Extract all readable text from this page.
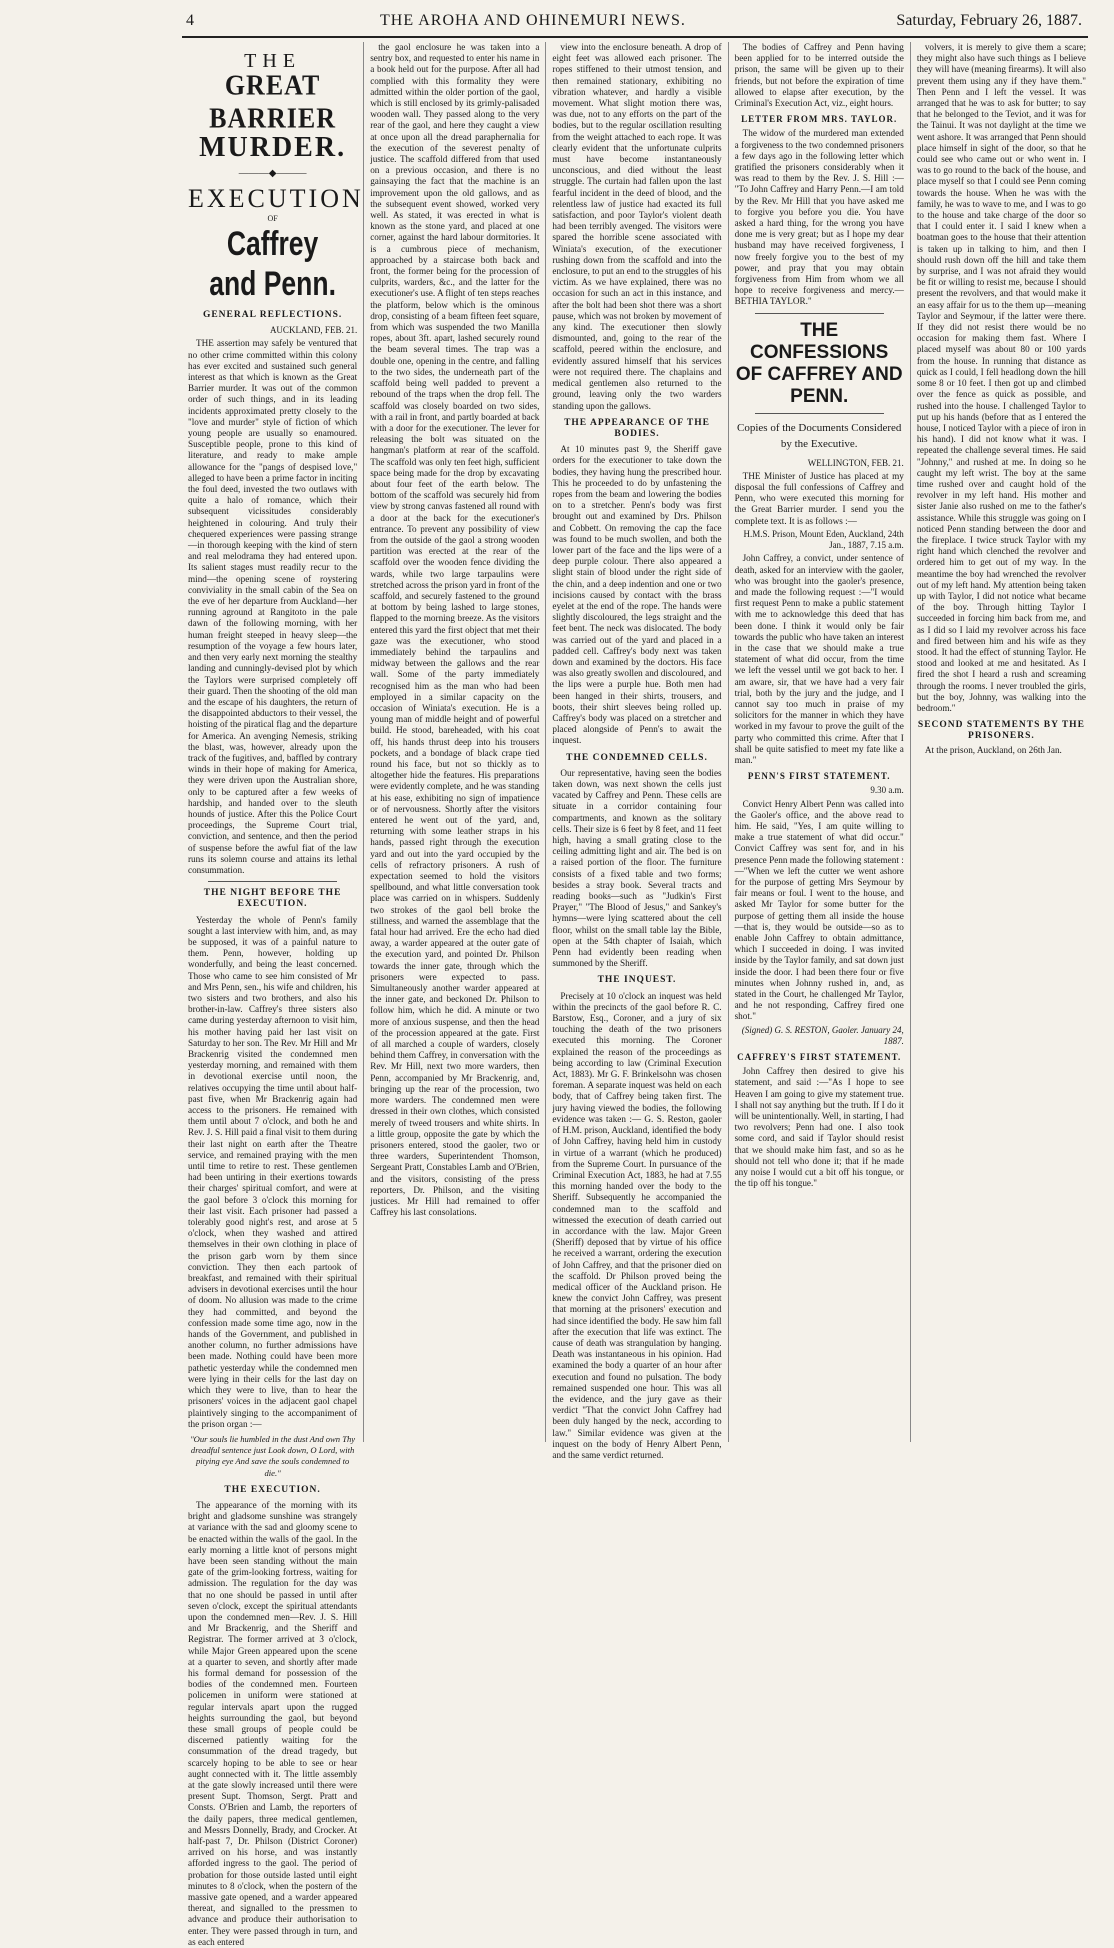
4	THE AROHA AND OHINEMURI NEWS.	Saturday, February 26, 1887.
THE
GREAT BARRIER
MURDER.
———◆———
EXECUTION
OF
Caffrey and Penn.
GENERAL REFLECTIONS.
AUCKLAND, FEB. 21.

THE assertion may safely be ventured that no other crime committed within this colony has ever excited and sustained such general interest as that which is known as the Great Barrier murder. It was out of the common order of such things, and in its leading incidents approximated pretty closely to the "love and murder" style of fiction of which young people are usually so enamoured. Susceptible people, prone to this kind of literature, and ready to make ample allowance for the "pangs of despised love," alleged to have been a prime factor in inciting the foul deed, invested the two outlaws with quite a halo of romance, which their subsequent vicissitudes considerably heightened in colouring. And truly their chequered experiences were passing strange—in thorough keeping with the kind of stern and real melodrama they had entered upon. Its salient stages must readily recur to the mind—the opening scene of roystering conviviality in the small cabin of the Sea on the eve of her departure from Auckland—her running aground at Rangitoto in the pale dawn of the following morning, with her human freight steeped in heavy sleep—the resumption of the voyage a few hours later, and then very early next morning the stealthy landing and cunningly-devised plot by which the Taylors were surprised completely off their guard. Then the shooting of the old man and the escape of his daughters, the return of the disappointed abductors to their vessel, the hoisting of the piratical flag and the departure for America. An avenging Nemesis, striking the blast, was, however, already upon the track of the fugitives, and, baffled by contrary winds in their hope of making for America, they were driven upon the Australian shore, only to be captured after a few weeks of hardship, and handed over to the sleuth hounds of justice. After this the Police Court proceedings, the Supreme Court trial, conviction, and sentence, and then the period of suspense before the awful fiat of the law runs its solemn course and attains its lethal consummation.

THE NIGHT BEFORE THE EXECUTION.

Yesterday the whole of Penn's family sought a last interview with him, and, as may be supposed, it was of a painful nature to them. Penn, however, holding up wonderfully, and being the least concerned. Those who came to see him consisted of Mr and Mrs Penn, sen., his wife and children, his two sisters and two brothers, and also his brother-in-law. Caffrey's three sisters also came during yesterday afternoon to visit him, his mother having paid her last visit on Saturday to her son. The Rev. Mr Hill and Mr Brackenrig visited the condemned men yesterday morning, and remained with them in devotional exercise until noon, the relatives occupying the time until about half-past five, when Mr Brackenrig again had access to the prisoners. He remained with them until about 7 o'clock, and both he and Rev. J. S. Hill paid a final visit to them during their last night on earth after the Theatre service, and remained praying with the men until time to retire to rest. These gentlemen had been untiring in their exertions towards their charges' spiritual comfort, and were at the gaol before 3 o'clock this morning for their last visit. Each prisoner had passed a tolerably good night's rest, and arose at 5 o'clock, when they washed and attired themselves in their own clothing in place of the prison garb worn by them since conviction. They then each partook of breakfast, and remained with their spiritual advisers in devotional exercises until the hour of doom. No allusion was made to the crime they had committed, and beyond the confession made some time ago, now in the hands of the Government, and published in another column, no further admissions have been made. Nothing could have been more pathetic yesterday while the condemned men were lying in their cells for the last day on which they were to live, than to hear the prisoners' voices in the adjacent gaol chapel plaintively singing to the accompaniment of the prison organ :—

"Our souls lie humbled in the dust And own Thy dreadful sentence just Look down, O Lord, with pitying eye And save the souls condemned to die."
THE EXECUTION.

The appearance of the morning with its bright and gladsome sunshine was strangely at variance with the sad and gloomy scene to be enacted within the walls of the gaol. In the early morning a little knot of persons might have been seen standing without the main gate of the grim-looking fortress, waiting for admission. The regulation for the day was that no one should be passed in until after seven o'clock, except the spiritual attendants upon the condemned men—Rev. J. S. Hill and Mr Brackenrig, and the Sheriff and Registrar. The former arrived at 3 o'clock, while Major Green appeared upon the scene at a quarter to seven, and shortly after made his formal demand for possession of the bodies of the condemned men. Fourteen policemen in uniform were stationed at regular intervals apart upon the rugged heights surrounding the gaol, but beyond these small groups of people could be discerned patiently waiting for the consummation of the dread tragedy, but scarcely hoping to be able to see or hear aught connected with it. The little assembly at the gate slowly increased until there were present Supt. Thomson, Sergt. Pratt and Consts. O'Brien and Lamb, the reporters of the daily papers, three medical gentlemen, and Messrs Donnelly, Brady, and Crocker. At half-past 7, Dr. Philson (District Coroner) arrived on his horse, and was instantly afforded ingress to the gaol. The period of probation for those outside lasted until eight minutes to 8 o'clock, when the postern of the massive gate opened, and a warder appeared thereat, and signalled to the pressmen to advance and produce their authorisation to enter. They were passed through in turn, and as each entered

the gaol enclosure he was taken into a sentry box, and requested to enter his name in a book held out for the purpose. After all had complied with this formality they were admitted within the older portion of the gaol, which is still enclosed by its grimly-palisaded wooden wall. They passed along to the very rear of the gaol, and here they caught a view at once upon all the dread paraphernalia for the execution of the severest penalty of justice. The scaffold differed from that used on a previous occasion, and there is no gainsaying the fact that the machine is an improvement upon the old gallows, and as the subsequent event showed, worked very well. As stated, it was erected in what is known as the stone yard, and placed at one corner, against the hard labour dormitories. It is a cumbrous piece of mechanism, approached by a staircase both back and front, the former being for the procession of culprits, warders, &c., and the latter for the executioner's use. A flight of ten steps reaches the platform, below which is the ominous drop, consisting of a beam fifteen feet square, from which was suspended the two Manilla ropes, about 3ft. apart, lashed securely round the beam several times. The trap was a double one, opening in the centre, and falling to the two sides, the underneath part of the scaffold being well padded to prevent a rebound of the traps when the drop fell. The scaffold was closely boarded on two sides, with a rail in front, and partly boarded at back with a door for the executioner. The lever for releasing the bolt was situated on the hangman's platform at rear of the scaffold. The scaffold was only ten feet high, sufficient space being made for the drop by excavating about four feet of the earth below. The bottom of the scaffold was securely hid from view by strong canvas fastened all round with a door at the back for the executioner's entrance. To prevent any possibility of view from the outside of the gaol a strong wooden partition was erected at the rear of the scaffold over the wooden fence dividing the wards, while two large tarpaulins were stretched across the prison yard in front of the scaffold, and securely fastened to the ground at bottom by being lashed to large stones, flapped to the morning breeze. As the visitors entered this yard the first object that met their gaze was the executioner, who stood immediately behind the tarpaulins and midway between the gallows and the rear wall. Some of the party immediately recognised him as the man who had been employed in a similar capacity on the occasion of Winiata's execution. He is a young man of middle height and of powerful build. He stood, bareheaded, with his coat off, his hands thrust deep into his trousers pockets, and a bondage of black crape tied round his face, but not so thickly as to altogether hide the features. His preparations were evidently complete, and he was standing at his ease, exhibiting no sign of impatience or of nervousness. Shortly after the visitors entered he went out of the yard, and, returning with some leather straps in his hands, passed right through the execution yard and out into the yard occupied by the cells of refractory prisoners. A rush of expectation seemed to hold the visitors spellbound, and what little conversation took place was carried on in whispers. Suddenly two strokes of the gaol bell broke the stillness, and warned the assemblage that the fatal hour had arrived. Ere the echo had died away, a warder appeared at the outer gate of the execution yard, and pointed Dr. Philson towards the inner gate, through which the prisoners were expected to pass. Simultaneously another warder appeared at the inner gate, and beckoned Dr. Philson to follow him, which he did. A minute or two more of anxious suspense, and then the head of the procession appeared at the gate. First of all marched a couple of warders, closely behind them Caffrey, in conversation with the Rev. Mr Hill, next two more warders, then Penn, accompanied by Mr Brackenrig, and, bringing up the rear of the procession, two more warders. The condemned men were dressed in their own clothes, which consisted merely of tweed trousers and white shirts. In a little group, opposite the gate by which the prisoners entered, stood the gaoler, two or three warders, Superintendent Thomson, Sergeant Pratt, Constables Lamb and O'Brien, and the visitors, consisting of the press reporters, Dr. Philson, and the visiting justices. Mr Hill had remained to offer Caffrey his last consolations.

view into the enclosure beneath. A drop of eight feet was allowed each prisoner. The ropes stiffened to their utmost tension, and then remained stationary, exhibiting no vibration whatever, and hardly a visible movement. What slight motion there was, was due, not to any efforts on the part of the bodies, but to the regular oscillation resulting from the weight attached to each rope. It was clearly evident that the unfortunate culprits must have become instantaneously unconscious, and died without the least struggle. The curtain had fallen upon the last fearful incident in the deed of blood, and the relentless law of justice had exacted its full satisfaction, and poor Taylor's violent death had been terribly avenged. The visitors were spared the horrible scene associated with Winiata's execution, of the executioner rushing down from the scaffold and into the enclosure, to put an end to the struggles of his victim. As we have explained, there was no occasion for such an act in this instance, and after the bolt had been shot there was a short pause, which was not broken by movement of any kind. The executioner then slowly dismounted, and, going to the rear of the scaffold, peered within the enclosure, and evidently assured himself that his services were not required there. The chaplains and medical gentlemen also returned to the ground, leaving only the two warders standing upon the gallows.

THE APPEARANCE OF THE BODIES.

At 10 minutes past 9, the Sheriff gave orders for the executioner to take down the bodies, they having hung the prescribed hour. This he proceeded to do by unfastening the ropes from the beam and lowering the bodies on to a stretcher. Penn's body was first brought out and examined by Drs. Philson and Cobbett. On removing the cap the face was found to be much swollen, and both the lower part of the face and the lips were of a deep purple colour. There also appeared a slight stain of blood under the right side of the chin, and a deep indention and one or two incisions caused by contact with the brass eyelet at the end of the rope. The hands were slightly discoloured, the legs straight and the feet bent. The neck was dislocated. The body was carried out of the yard and placed in a padded cell. Caffrey's body next was taken down and examined by the doctors. His face was also greatly swollen and discoloured, and the lips were a purple hue. Both men had been hanged in their shirts, trousers, and boots, their shirt sleeves being rolled up. Caffrey's body was placed on a stretcher and placed alongside of Penn's to await the inquest.

THE CONDEMNED CELLS.

Our representative, having seen the bodies taken down, was next shown the cells just vacated by Caffrey and Penn. These cells are situate in a corridor containing four compartments, and known as the solitary cells. Their size is 6 feet by 8 feet, and 11 feet high, having a small grating close to the ceiling admitting light and air. The bed is on a raised portion of the floor. The furniture consists of a fixed table and two forms; besides a stray book. Several tracts and reading books—such as "Judkin's First Prayer," "The Blood of Jesus," and Sankey's hymns—were lying scattered about the cell floor, whilst on the small table lay the Bible, open at the 54th chapter of Isaiah, which Penn had evidently been reading when summoned by the Sheriff.

THE INQUEST.

Precisely at 10 o'clock an inquest was held within the precincts of the gaol before R. C. Barstow, Esq., Coroner, and a jury of six touching the death of the two prisoners executed this morning. The Coroner explained the reason of the proceedings as being according to law (Criminal Execution Act, 1883). Mr G. F. Brinkelsohn was chosen foreman. A separate inquest was held on each body, that of Caffrey being taken first. The jury having viewed the bodies, the following evidence was taken :— G. S. Reston, gaoler of H.M. prison, Auckland, identified the body of John Caffrey, having held him in custody in virtue of a warrant (which he produced) from the Supreme Court. In pursuance of the Criminal Execution Act, 1883, he had at 7.55 this morning handed over the body to the Sheriff. Subsequently he accompanied the condemned man to the scaffold and witnessed the execution of death carried out in accordance with the law. Major Green (Sheriff) deposed that by virtue of his office he received a warrant, ordering the execution of John Caffrey, and that the prisoner died on the scaffold. Dr Philson proved being the medical officer of the Auckland prison. He knew the convict John Caffrey, was present that morning at the prisoners' execution and had since identified the body. He saw him fall after the execution that life was extinct. The cause of death was strangulation by hanging. Death was instantaneous in his opinion. Had examined the body a quarter of an hour after execution and found no pulsation. The body remained suspended one hour. This was all the evidence, and the jury gave as their verdict "That the convict John Caffrey had been duly hanged by the neck, according to law." Similar evidence was given at the inquest on the body of Henry Albert Penn, and the same verdict returned.

The bodies of Caffrey and Penn having been applied for to be interred outside the prison, the same will be given up to their friends, but not before the expiration of time allowed to elapse after execution, by the Criminal's Execution Act, viz., eight hours.

LETTER FROM MRS. TAYLOR.

The widow of the murdered man extended a forgiveness to the two condemned prisoners a few days ago in the following letter which gratified the prisoners considerably when it was read to them by the Rev. J. S. Hill :— "To John Caffrey and Harry Penn.—I am told by the Rev. Mr Hill that you have asked me to forgive you before you die. You have asked a hard thing, for the wrong you have done me is very great; but as I hope my dear husband may have received forgiveness, I now freely forgive you to the best of my power, and pray that you may obtain forgiveness from Him from whom we all hope to receive forgiveness and mercy.—BETHIA TAYLOR."

THE CONFESSIONS OF CAFFREY AND PENN.
Copies of the Documents Considered by the Executive.
WELLINGTON, FEB. 21.

THE Minister of Justice has placed at my disposal the full confessions of Caffrey and Penn, who were executed this morning for the Great Barrier murder. I send you the complete text. It is as follows :—

H.M.S. Prison, Mount Eden, Auckland, 24th Jan., 1887, 7.15 a.m.

John Caffrey, a convict, under sentence of death, asked for an interview with the gaoler, who was brought into the gaoler's presence, and made the following request :—"I would first request Penn to make a public statement with me to acknowledge this deed that has been done. I think it would only be fair towards the public who have taken an interest in the case that we should make a true statement of what did occur, from the time we left the vessel until we got back to her. I am aware, sir, that we have had a very fair trial, both by the jury and the judge, and I cannot say too much in praise of my solicitors for the manner in which they have worked in my favour to prove the guilt of the party who committed this crime. After that I shall be quite satisfied to meet my fate like a man."

PENN'S FIRST STATEMENT.
9.30 a.m.

Convict Henry Albert Penn was called into the Gaoler's office, and the above read to him. He said, "Yes, I am quite willing to make a true statement of what did occur." Convict Caffrey was sent for, and in his presence Penn made the following statement :—"When we left the cutter we went ashore for the purpose of getting Mrs Seymour by fair means or foul. I went to the house, and asked Mr Taylor for some butter for the purpose of getting them all inside the house—that is, they would be outside—so as to enable John Caffrey to obtain admittance, which I succeeded in doing. I was invited inside by the Taylor family, and sat down just inside the door. I had been there four or five minutes when Johnny rushed in, and, as stated in the Court, he challenged Mr Taylor, and he not responding, Caffrey fired one shot."

(Signed) G. S. RESTON, Gaoler. January 24, 1887.
CAFFREY'S FIRST STATEMENT.

John Caffrey then desired to give his statement, and said :—"As I hope to see Heaven I am going to give my statement true. I shall not say anything but the truth. If I do it will be unintentionally. Well, in starting, I had two revolvers; Penn had one. I also took some cord, and said if Taylor should resist that we should make him fast, and so as he should not tell who done it; that if he made any noise I would cut a bit off his tongue, or the tip off his tongue."

volvers, it is merely to give them a scare; they might also have such things as I believe they will have (meaning firearms). It will also prevent them using any if they have them." Then Penn and I left the vessel. It was arranged that he was to ask for butter; to say that he belonged to the Teviot, and it was for the Tainui. It was not daylight at the time we went ashore. It was arranged that Penn should place himself in sight of the door, so that he could see who came out or who went in. I was to go round to the back of the house, and place myself so that I could see Penn coming towards the house. When he was with the family, he was to wave to me, and I was to go to the house and take charge of the door so that I could enter it. I said I knew when a boatman goes to the house that their attention is taken up in talking to him, and then I should rush down off the hill and take them by surprise, and I was not afraid they would be fit or willing to resist me, because I should present the revolvers, and that would make it an easy affair for us to the them up—meaning Taylor and Seymour, if the latter were there. If they did not resist there would be no occasion for making them fast. Where I placed myself was about 80 or 100 yards from the house. In running that distance as quick as I could, I fell headlong down the hill some 8 or 10 feet. I then got up and climbed over the fence as quick as possible, and rushed into the house. I challenged Taylor to put up his hands (before that as I entered the house, I noticed Taylor with a piece of iron in his hand). I did not know what it was. I repeated the challenge several times. He said "Johnny," and rushed at me. In doing so he caught my left wrist. The boy at the same time rushed over and caught hold of the revolver in my left hand. His mother and sister Janie also rushed on me to the father's assistance. While this struggle was going on I noticed Penn standing between the door and the fireplace. I twice struck Taylor with my right hand which clenched the revolver and ordered him to get out of my way. In the meantime the boy had wrenched the revolver out of my left hand. My attention being taken up with Taylor, I did not notice what became of the boy. Through hitting Taylor I succeeded in forcing him back from me, and as I did so I laid my revolver across his face and fired between him and his wife as they stood. It had the effect of stunning Taylor. He stood and looked at me and hesitated. As I fired the shot I heard a rush and screaming through the rooms. I never troubled the girls, but the boy, Johnny, was walking into the bedroom."

SECOND STATEMENTS BY THE PRISONERS.

At the prison, Auckland, on 26th Jan.
